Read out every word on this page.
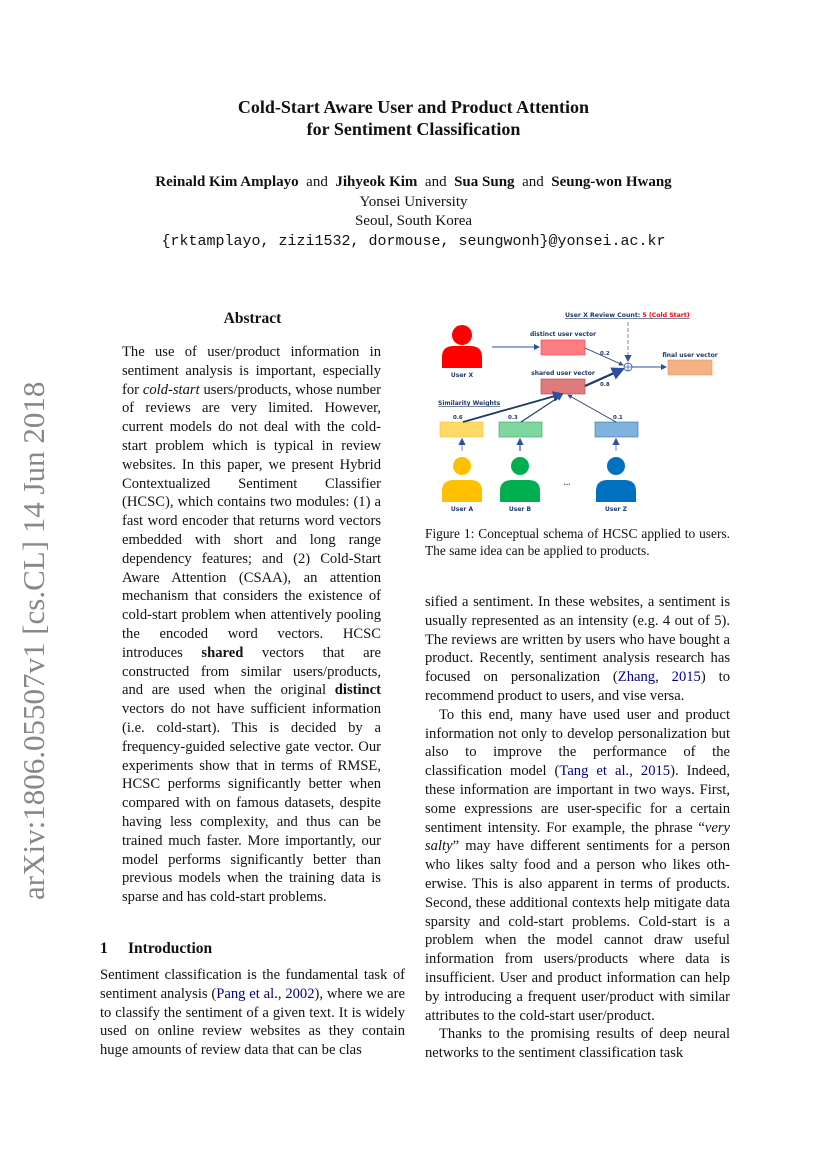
arXiv:1806.05507v1 [cs.CL] 14 Jun 2018
Cold-Start Aware User and Product Attention
for Sentiment Classification
Reinald Kim Amplayo and Jihyeok Kim and Sua Sung and Seung-won Hwang
Yonsei University
Seoul, South Korea
{rktamplayo, zizi1532, dormouse, seungwonh}@yonsei.ac.kr
Abstract

The use of user/product information in sentiment analysis is important, especially for cold-start users/products, whose number of reviews are very limited. However, current models do not deal with the cold-start problem which is typical in review websites. In this paper, we present Hybrid Contextualized Sentiment Classifier (HCSC), which contains two modules: (1) a fast word encoder that returns word vectors embedded with short and long range dependency features; and (2) Cold-Start Aware Attention (CSAA), an attention mechanism that considers the existence of cold-start problem when attentively pooling the encoded word vectors. HCSC introduces shared vectors that are constructed from similar users/products, and are used when the original distinct vectors do not have sufficient information (i.e. cold-start). This is decided by a frequency-guided selective gate vector. Our experiments show that in terms of RMSE, HCSC performs significantly better when compared with on famous datasets, despite having less complexity, and thus can be trained much faster. More importantly, our model performs significantly better than previous models when the training data is sparse and has cold-start problems.

1 Introduction

Sentiment classification is the fundamental task of sentiment analysis (Pang et al., 2002), where we are to classify the sentiment of a given text. It is widely used on online review websites as they contain huge amounts of review data that can be clas

User X Review Count: 5 (Cold Start)
User X
distinct user vector
shared user vector
0.2
0.8
final user vector
Similarity Weights
0.6	0.3	0.1
...
User A	User B	User Z
Figure 1: Conceptual schema of HCSC applied to users. The same idea can be applied to products.

sified a sentiment. In these websites, a sentiment is usually represented as an intensity (e.g. 4 out of 5). The reviews are written by users who have bought a product. Recently, sentiment analysis research has focused on personalization (Zhang, 2015) to recommend product to users, and vise versa.

To this end, many have used user and product information not only to develop personalization but also to improve the performance of the classification model (Tang et al., 2015). Indeed, these information are important in two ways. First, some expressions are user-specific for a certain sentiment intensity. For example, the phrase “very salty” may have different sentiments for a person who likes salty food and a person who likes otherwise. This is also apparent in terms of products. Second, these additional contexts help mitigate data sparsity and cold-start problems. Cold-start is a problem when the model cannot draw useful information from users/products where data is insufficient. User and product information can help by introducing a frequent user/product with similar attributes to the cold-start user/product.

Thanks to the promising results of deep neural networks to the sentiment classification task
